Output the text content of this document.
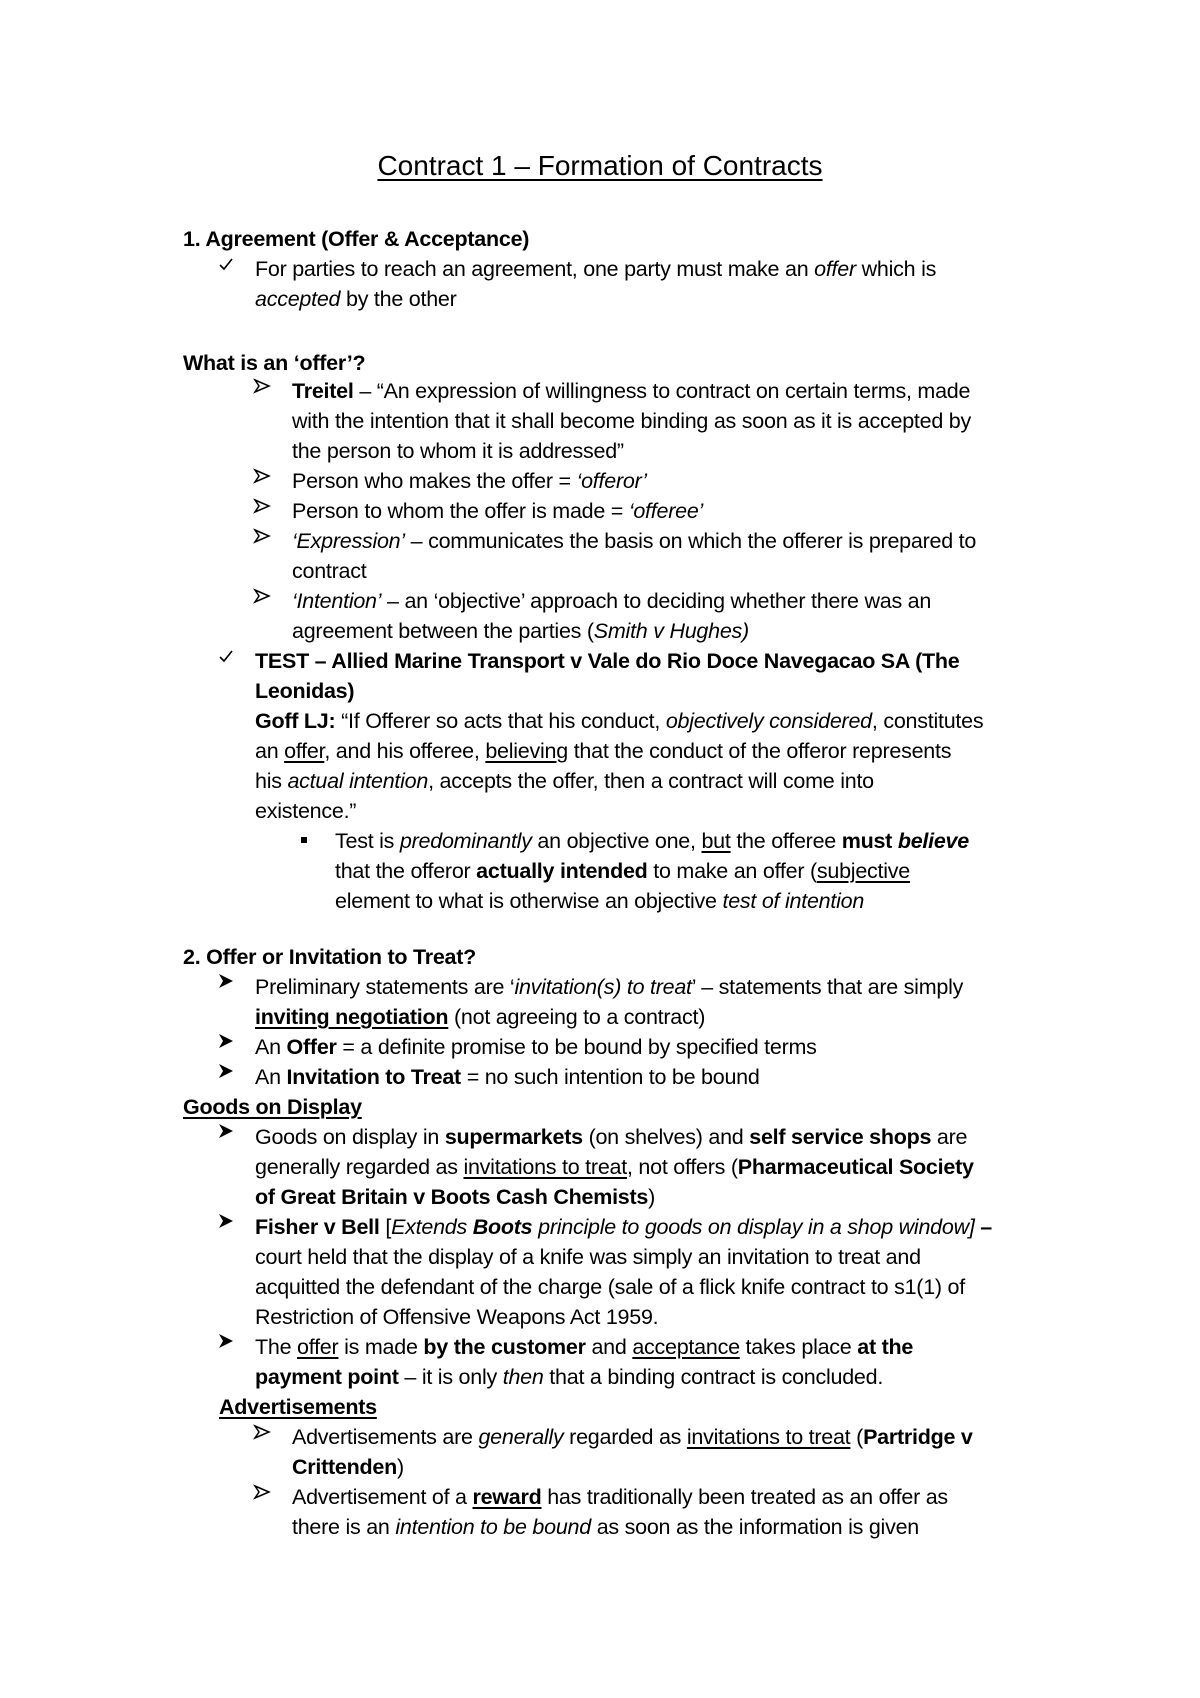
Contract 1 – Formation of Contracts
1. Agreement (Offer & Acceptance)
For parties to reach an agreement, one party must make an offer which is
accepted by the other
What is an ‘offer’?
Treitel – “An expression of willingness to contract on certain terms, made
with the intention that it shall become binding as soon as it is accepted by
the person to whom it is addressed”
Person who makes the offer = ‘offeror’
Person to whom the offer is made = ‘offeree’
‘Expression’ – communicates the basis on which the offerer is prepared to
contract
‘Intention’ – an ‘objective’ approach to deciding whether there was an
agreement between the parties (Smith v Hughes)
TEST – Allied Marine Transport v Vale do Rio Doce Navegacao SA (The
Leonidas)
Goff LJ: “If Offerer so acts that his conduct, objectively considered, constitutes
an offer, and his offeree, believing that the conduct of the offeror represents
his actual intention, accepts the offer, then a contract will come into
existence.”
Test is predominantly an objective one, but the offeree must believe
that the offeror actually intended to make an offer (subjective
element to what is otherwise an objective test of intention
2. Offer or Invitation to Treat?
Preliminary statements are ‘invitation(s) to treat’ – statements that are simply
inviting negotiation (not agreeing to a contract)
An Offer = a definite promise to be bound by specified terms
An Invitation to Treat = no such intention to be bound
Goods on Display
Goods on display in supermarkets (on shelves) and self service shops are
generally regarded as invitations to treat, not offers (Pharmaceutical Society
of Great Britain v Boots Cash Chemists)
Fisher v Bell [Extends Boots principle to goods on display in a shop window] –
court held that the display of a knife was simply an invitation to treat and
acquitted the defendant of the charge (sale of a flick knife contract to s1(1) of
Restriction of Offensive Weapons Act 1959.
The offer is made by the customer and acceptance takes place at the
payment point – it is only then that a binding contract is concluded.
Advertisements
Advertisements are generally regarded as invitations to treat (Partridge v
Crittenden)
Advertisement of a reward has traditionally been treated as an offer as
there is an intention to be bound as soon as the information is given
